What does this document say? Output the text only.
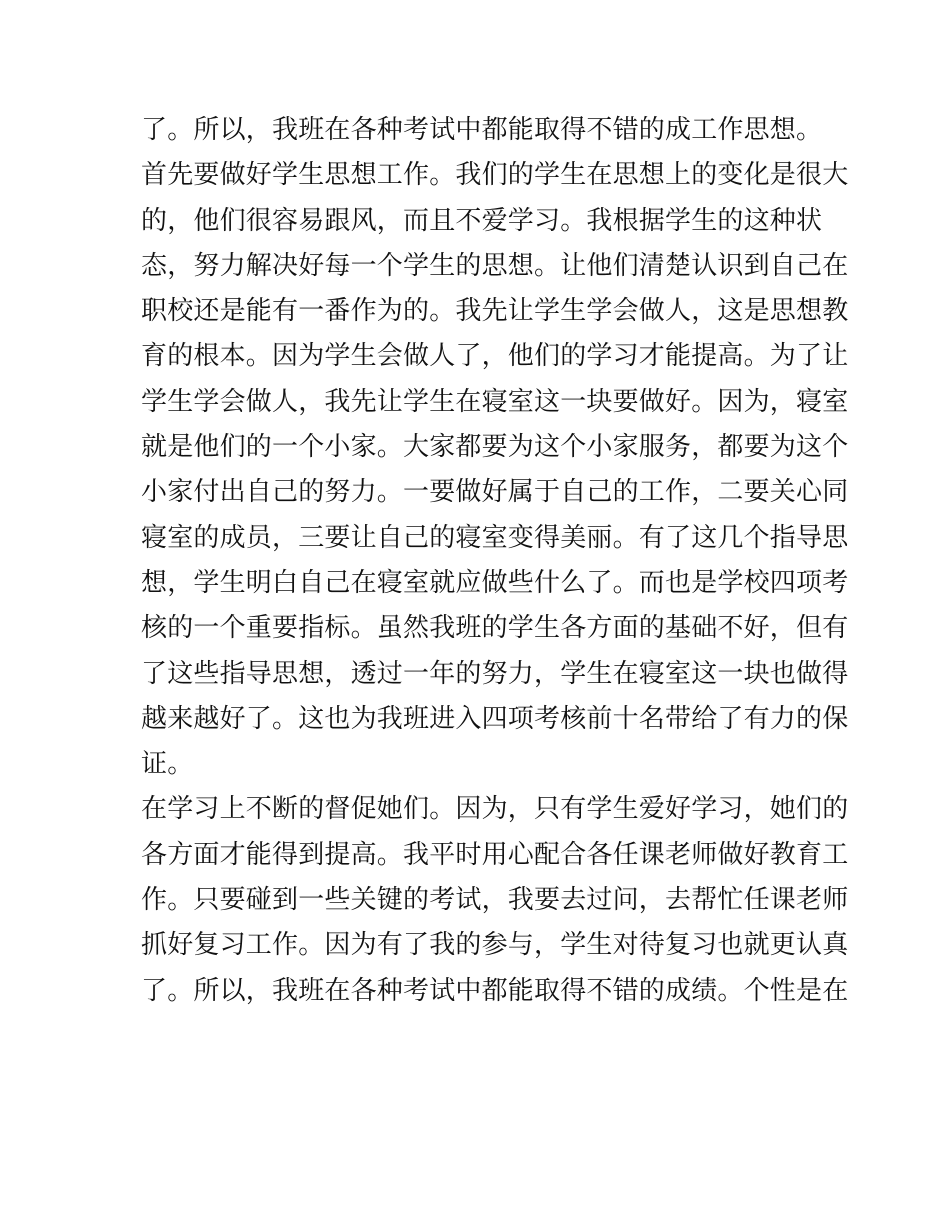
了。所以，我班在各种考试中都能取得不错的成工作思想。
首先要做好学生思想工作。我们的学生在思想上的变化是很大
的，他们很容易跟风，而且不爱学习。我根据学生的这种状
态，努力解决好每一个学生的思想。让他们清楚认识到自己在
职校还是能有一番作为的。我先让学生学会做人，这是思想教
育的根本。因为学生会做人了，他们的学习才能提高。为了让
学生学会做人，我先让学生在寝室这一块要做好。因为，寝室
就是他们的一个小家。大家都要为这个小家服务，都要为这个
小家付出自己的努力。一要做好属于自己的工作，二要关心同
寝室的成员，三要让自己的寝室变得美丽。有了这几个指导思
想，学生明白自己在寝室就应做些什么了。而也是学校四项考
核的一个重要指标。虽然我班的学生各方面的基础不好，但有
了这些指导思想，透过一年的努力，学生在寝室这一块也做得
越来越好了。这也为我班进入四项考核前十名带给了有力的保
证。
在学习上不断的督促她们。因为，只有学生爱好学习，她们的
各方面才能得到提高。我平时用心配合各任课老师做好教育工
作。只要碰到一些关键的考试，我要去过问，去帮忙任课老师
抓好复习工作。因为有了我的参与，学生对待复习也就更认真
了。所以，我班在各种考试中都能取得不错的成绩。个性是在
